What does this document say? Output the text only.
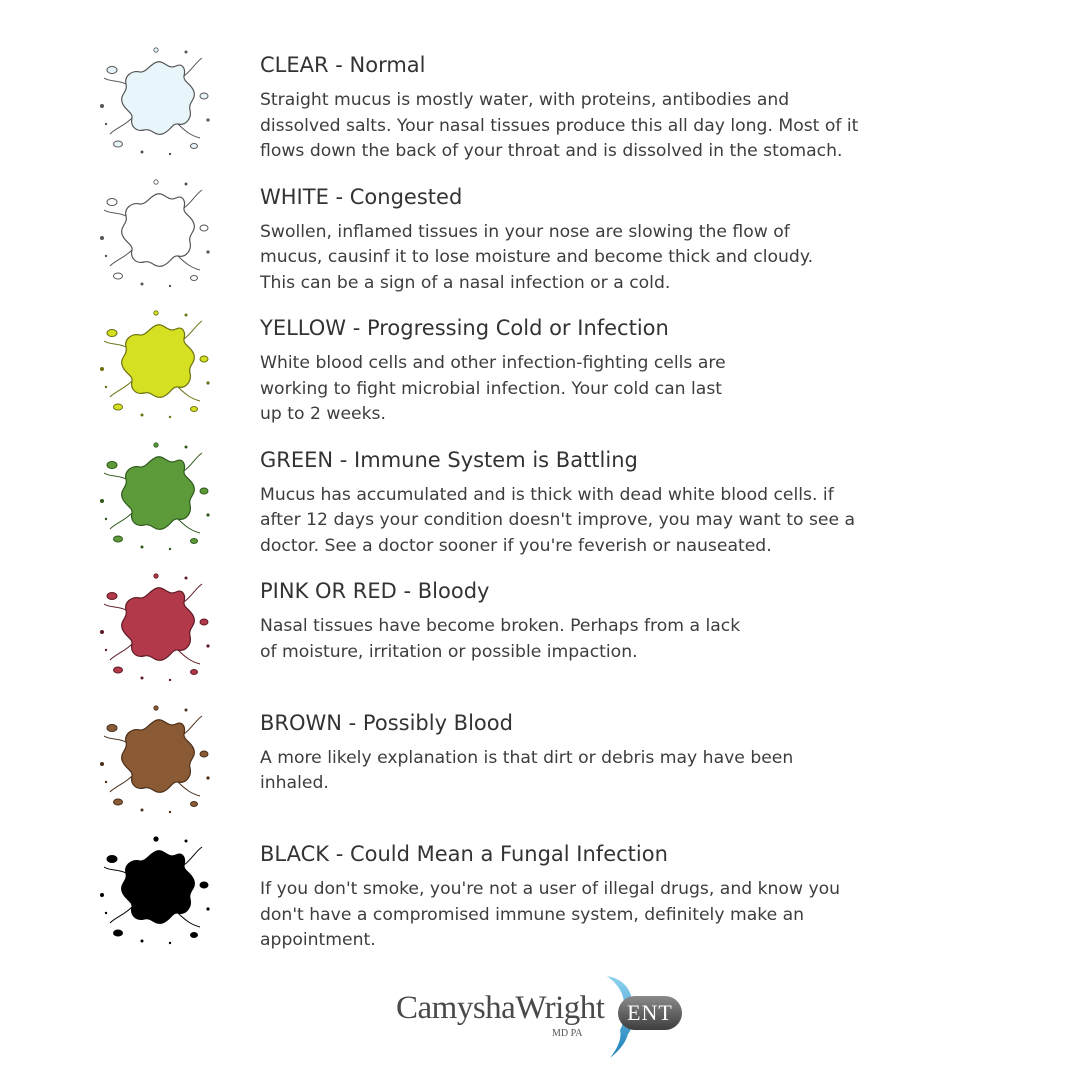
CLEAR - Normal
Straight mucus is mostly water, with proteins, antibodies and
dissolved salts. Your nasal tissues produce this all day long. Most of it
flows down the back of your throat and is dissolved in the stomach.
WHITE - Congested
Swollen, inflamed tissues in your nose are slowing the flow of
mucus, causinf it to lose moisture and become thick and cloudy.
This can be a sign of a nasal infection or a cold.
YELLOW - Progressing Cold or Infection
White blood cells and other infection-fighting cells are
working to fight microbial infection. Your cold can last
up to 2 weeks.
GREEN - Immune System is Battling
Mucus has accumulated and is thick with dead white blood cells. if
after 12 days your condition doesn't improve, you may want to see a
doctor. See a doctor sooner if you're feverish or nauseated.
PINK OR RED - Bloody
Nasal tissues have become broken. Perhaps from a lack
of moisture, irritation or possible impaction.
BROWN - Possibly Blood
A more likely explanation is that dirt or debris may have been
inhaled.
BLACK - Could Mean a Fungal Infection
If you don't smoke, you're not a user of illegal drugs, and know you
don't have a compromised immune system, definitely make an
appointment.
CamyshaWright
MD PA
ENT
